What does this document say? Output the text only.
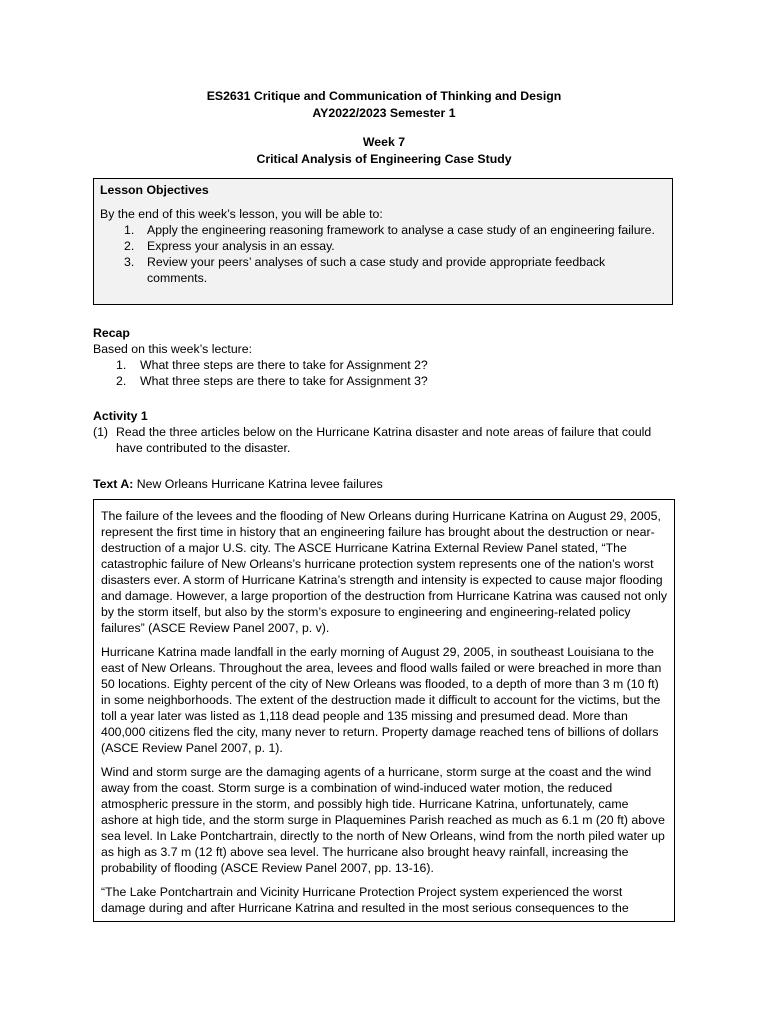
ES2631 Critique and Communication of Thinking and Design
AY2022/2023 Semester 1
Week 7
Critical Analysis of Engineering Case Study
Lesson Objectives
By the end of this week’s lesson, you will be able to:
1. Apply the engineering reasoning framework to analyse a case study of an engineering failure.
2. Express your analysis in an essay.
3. Review your peers’ analyses of such a case study and provide appropriate feedback comments.
Recap
Based on this week’s lecture:
1. What three steps are there to take for Assignment 2?
2. What three steps are there to take for Assignment 3?
Activity 1
(1) Read the three articles below on the Hurricane Katrina disaster and note areas of failure that could have contributed to the disaster.
Text A: New Orleans Hurricane Katrina levee failures

The failure of the levees and the flooding of New Orleans during Hurricane Katrina on August 29, 2005, represent the first time in history that an engineering failure has brought about the destruction or near-destruction of a major U.S. city. The ASCE Hurricane Katrina External Review Panel stated, “The catastrophic failure of New Orleans’s hurricane protection system represents one of the nation’s worst disasters ever. A storm of Hurricane Katrina’s strength and intensity is expected to cause major flooding and damage. However, a large proportion of the destruction from Hurricane Katrina was caused not only by the storm itself, but also by the storm’s exposure to engineering and engineering-related policy failures” (ASCE Review Panel 2007, p. v).

Hurricane Katrina made landfall in the early morning of August 29, 2005, in southeast Louisiana to the east of New Orleans. Throughout the area, levees and flood walls failed or were breached in more than 50 locations. Eighty percent of the city of New Orleans was flooded, to a depth of more than 3 m (10 ft) in some neighborhoods. The extent of the destruction made it difficult to account for the victims, but the toll a year later was listed as 1,118 dead people and 135 missing and presumed dead. More than 400,000 citizens fled the city, many never to return. Property damage reached tens of billions of dollars (ASCE Review Panel 2007, p. 1).

Wind and storm surge are the damaging agents of a hurricane, storm surge at the coast and the wind away from the coast. Storm surge is a combination of wind-induced water motion, the reduced atmospheric pressure in the storm, and possibly high tide. Hurricane Katrina, unfortunately, came ashore at high tide, and the storm surge in Plaquemines Parish reached as much as 6.1 m (20 ft) above sea level. In Lake Pontchartrain, directly to the north of New Orleans, wind from the north piled water up as high as 3.7 m (12 ft) above sea level. The hurricane also brought heavy rainfall, increasing the probability of flooding (ASCE Review Panel 2007, pp. 13-16).

“The Lake Pontchartrain and Vicinity Hurricane Protection Project system experienced the worst damage during and after Hurricane Katrina and resulted in the most serious consequences to the
